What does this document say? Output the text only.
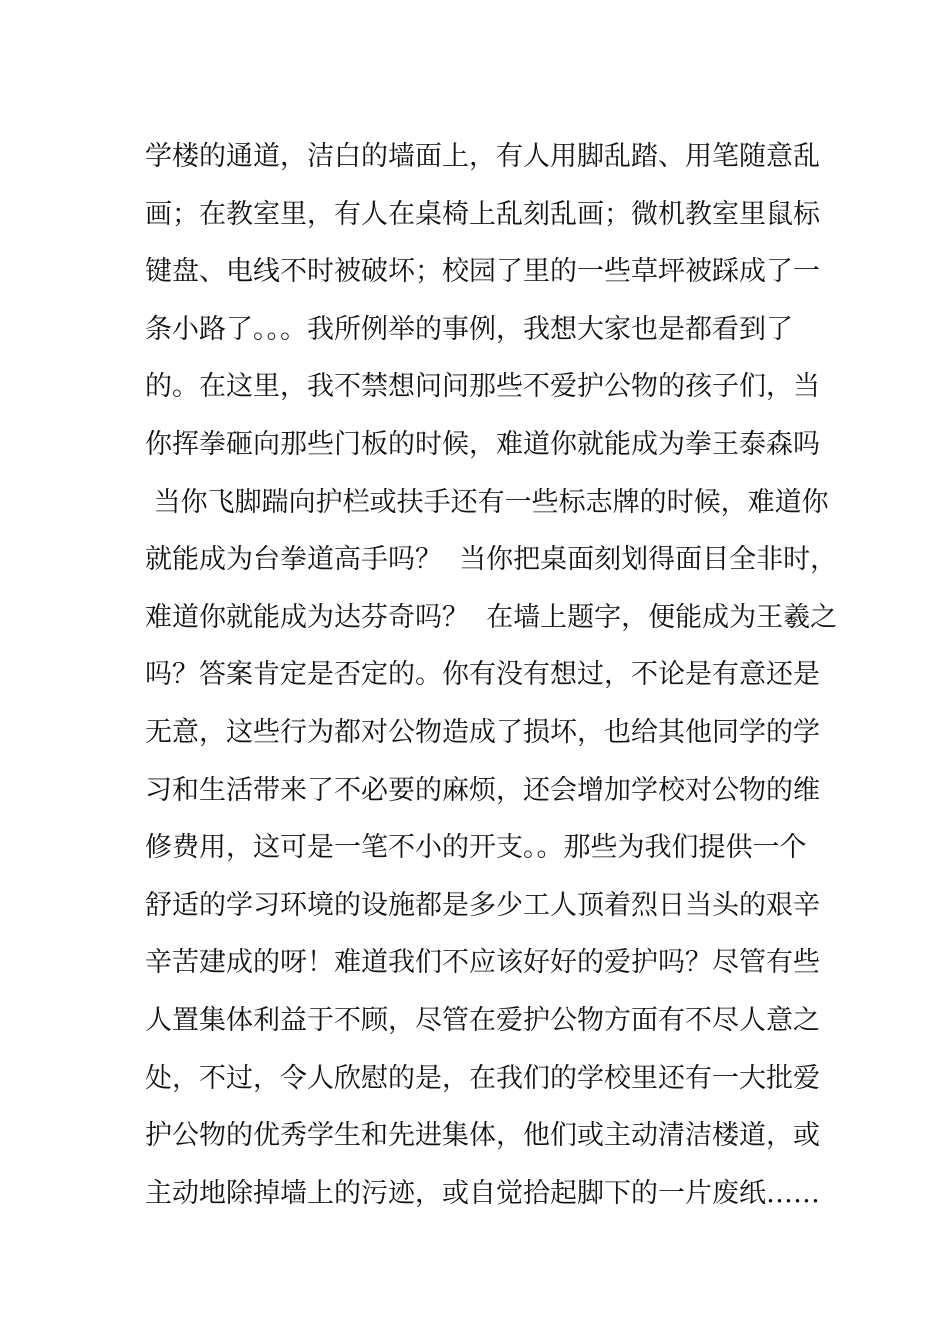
学楼的通道，洁白的墙面上，有人用脚乱踏、用笔随意乱
画；在教室里，有人在桌椅上乱刻乱画；微机教室里鼠标
键盘、电线不时被破坏；校园了里的一些草坪被踩成了一
条小路了。。。我所例举的事例，我想大家也是都看到了
的。在这里，我不禁想问问那些不爱护公物的孩子们，当
你挥拳砸向那些门板的时候，难道你就能成为拳王泰森吗
当你飞脚踹向护栏或扶手还有一些标志牌的时候，难道你
就能成为台拳道高手吗？  当你把桌面刻划得面目全非时，
难道你就能成为达芬奇吗？  在墙上题字，便能成为王羲之
吗？答案肯定是否定的。你有没有想过，不论是有意还是
无意，这些行为都对公物造成了损坏，也给其他同学的学
习和生活带来了不必要的麻烦，还会增加学校对公物的维
修费用，这可是一笔不小的开支。。那些为我们提供一个
舒适的学习环境的设施都是多少工人顶着烈日当头的艰辛
辛苦建成的呀！难道我们不应该好好的爱护吗？尽管有些
人置集体利益于不顾，尽管在爱护公物方面有不尽人意之
处，不过，令人欣慰的是，在我们的学校里还有一大批爱
护公物的优秀学生和先进集体，他们或主动清洁楼道，或
主动地除掉墙上的污迹，或自觉拾起脚下的一片废纸……
